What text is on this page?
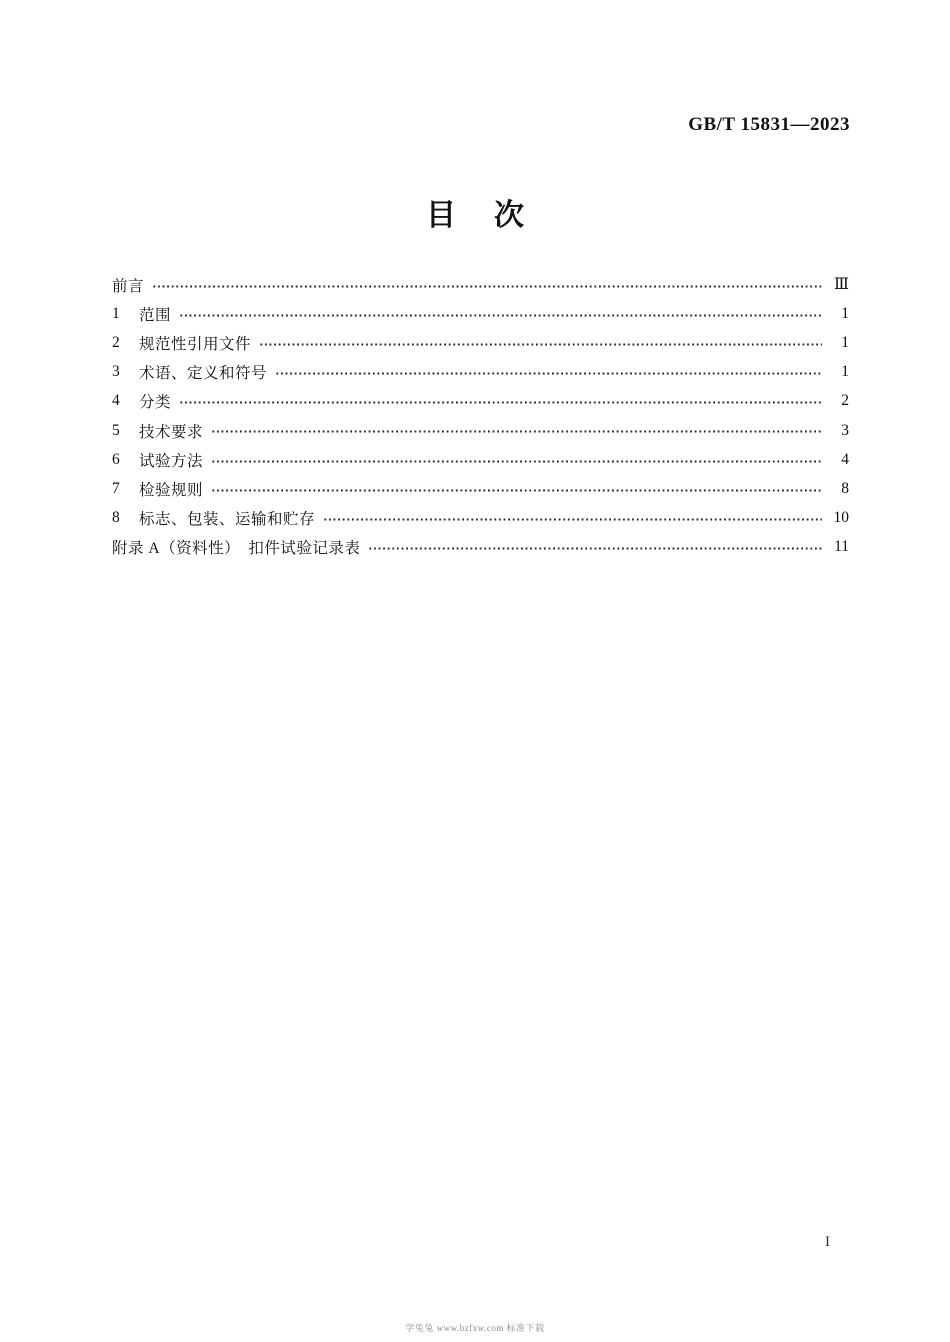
GB/T 15831—2023
目次
前言	Ⅲ
1	范围	1
2	规范性引用文件	1
3	术语、定义和符号	1
4	分类	2
5	技术要求	3
6	试验方法	4
7	检验规则	8
8	标志、包装、运输和贮存	10
附录 A（资料性）　扣件试验记录表	11
I
学兔兔 www.bzfxw.com 标准下载
